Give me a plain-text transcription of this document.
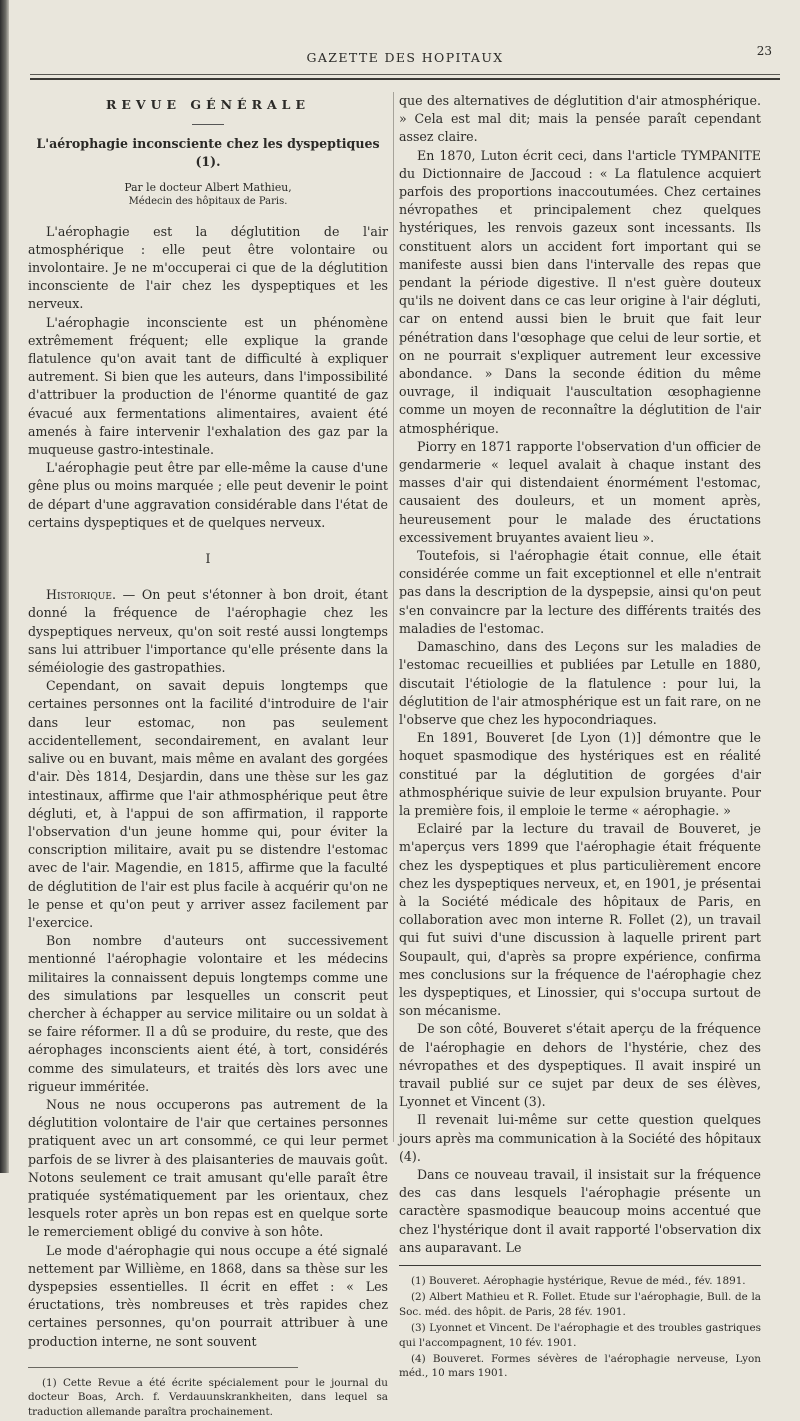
GAZETTE DES HOPITAUX	23
REVUE GÉNÉRALE
L'aérophagie inconsciente chez les dyspeptiques (1).
Par le docteur Albert Mathieu,
Médecin des hôpitaux de Paris.

L'aérophagie est la déglutition de l'air atmosphérique : elle peut être volontaire ou involontaire. Je ne m'occuperai ci que de la déglutition inconsciente de l'air chez les dyspeptiques et les nerveux.

L'aérophagie inconsciente est un phénomène extrêmement fréquent; elle explique la grande flatulence qu'on avait tant de difficulté à expliquer autrement. Si bien que les auteurs, dans l'impossibilité d'attribuer la production de l'énorme quantité de gaz évacué aux fermentations alimentaires, avaient été amenés à faire intervenir l'exhalation des gaz par la muqueuse gastro-intestinale.

L'aérophagie peut être par elle-même la cause d'une gêne plus ou moins marquée ; elle peut devenir le point de départ d'une aggravation considérable dans l'état de certains dyspeptiques et de quelques nerveux.

I

Historique. — On peut s'étonner à bon droit, étant donné la fréquence de l'aérophagie chez les dyspeptiques nerveux, qu'on soit resté aussi longtemps sans lui attribuer l'importance qu'elle présente dans la séméiologie des gastropathies.

Cependant, on savait depuis longtemps que certaines personnes ont la facilité d'introduire de l'air dans leur estomac, non pas seulement accidentellement, secondairement, en avalant leur salive ou en buvant, mais même en avalant des gorgées d'air. Dès 1814, Desjardin, dans une thèse sur les gaz intestinaux, affirme que l'air athmosphérique peut être dégluti, et, à l'appui de son affirmation, il rapporte l'observation d'un jeune homme qui, pour éviter la conscription militaire, avait pu se distendre l'estomac avec de l'air. Magendie, en 1815, affirme que la faculté de déglutition de l'air est plus facile à acquérir qu'on ne le pense et qu'on peut y arriver assez facilement par l'exercice.

Bon nombre d'auteurs ont successivement mentionné l'aérophagie volontaire et les médecins militaires la connaissent depuis longtemps comme une des simulations par lesquelles un conscrit peut chercher à échapper au service militaire ou un soldat à se faire réformer. Il a dû se produire, du reste, que des aérophages inconscients aient été, à tort, considérés comme des simulateurs, et traités dès lors avec une rigueur imméritée.

Nous ne nous occuperons pas autrement de la déglutition volontaire de l'air que certaines personnes pratiquent avec un art consommé, ce qui leur permet parfois de se livrer à des plaisanteries de mauvais goût. Notons seulement ce trait amusant qu'elle paraît être pratiquée systématiquement par les orientaux, chez lesquels roter après un bon repas est en quelque sorte le remerciement obligé du convive à son hôte.

Le mode d'aérophagie qui nous occupe a été signalé nettement par Willième, en 1868, dans sa thèse sur les dyspepsies essentielles. Il écrit en effet : « Les éructations, très nombreuses et très rapides chez certaines personnes, qu'on pourrait attribuer à une production interne, ne sont souvent

(1) Cette Revue a été écrite spécialement pour le journal du docteur Boas, Arch. f. Verdauunskrankheiten, dans lequel sa traduction allemande paraîtra prochainement.

que des alternatives de déglutition d'air atmosphérique. » Cela est mal dit; mais la pensée paraît cependant assez claire.

En 1870, Luton écrit ceci, dans l'article TYMPANITE du Dictionnaire de Jaccoud : « La flatulence acquiert parfois des proportions inaccoutumées. Chez certaines névropathes et principalement chez quelques hystériques, les renvois gazeux sont incessants. Ils constituent alors un accident fort important qui se manifeste aussi bien dans l'intervalle des repas que pendant la période digestive. Il n'est guère douteux qu'ils ne doivent dans ce cas leur origine à l'air dégluti, car on entend aussi bien le bruit que fait leur pénétration dans l'œsophage que celui de leur sortie, et on ne pourrait s'expliquer autrement leur excessive abondance. » Dans la seconde édition du même ouvrage, il indiquait l'auscultation œsophagienne comme un moyen de reconnaître la déglutition de l'air atmosphérique.

Piorry en 1871 rapporte l'observation d'un officier de gendarmerie « lequel avalait à chaque instant des masses d'air qui distendaient énormément l'estomac, causaient des douleurs, et un moment après, heureusement pour le malade des éructations excessivement bruyantes avaient lieu ».

Toutefois, si l'aérophagie était connue, elle était considérée comme un fait exceptionnel et elle n'entrait pas dans la description de la dyspepsie, ainsi qu'on peut s'en convaincre par la lecture des différents traités des maladies de l'estomac.

Damaschino, dans des Leçons sur les maladies de l'estomac recueillies et publiées par Letulle en 1880, discutait l'étiologie de la flatulence : pour lui, la déglutition de l'air atmosphérique est un fait rare, on ne l'observe que chez les hypocondriaques.

En 1891, Bouveret [de Lyon (1)] démontre que le hoquet spasmodique des hystériques est en réalité constitué par la déglutition de gorgées d'air athmosphérique suivie de leur expulsion bruyante. Pour la première fois, il emploie le terme « aérophagie. »

Eclairé par la lecture du travail de Bouveret, je m'aperçus vers 1899 que l'aérophagie était fréquente chez les dyspeptiques et plus particulièrement encore chez les dyspeptiques nerveux, et, en 1901, je présentai à la Société médicale des hôpitaux de Paris, en collaboration avec mon interne R. Follet (2), un travail qui fut suivi d'une discussion à laquelle prirent part Soupault, qui, d'après sa propre expérience, confirma mes conclusions sur la fréquence de l'aérophagie chez les dyspeptiques, et Linossier, qui s'occupa surtout de son mécanisme.

De son côté, Bouveret s'était aperçu de la fréquence de l'aérophagie en dehors de l'hystérie, chez des névropathes et des dyspeptiques. Il avait inspiré un travail publié sur ce sujet par deux de ses élèves, Lyonnet et Vincent (3).

Il revenait lui-même sur cette question quelques jours après ma communication à la Société des hôpitaux (4).

Dans ce nouveau travail, il insistait sur la fréquence des cas dans lesquels l'aérophagie présente un caractère spasmodique beaucoup moins accentué que chez l'hystérique dont il avait rapporté l'observation dix ans auparavant. Le

(1) Bouveret. Aérophagie hystérique, Revue de méd., fév. 1891.

(2) Albert Mathieu et R. Follet. Etude sur l'aérophagie, Bull. de la Soc. méd. des hôpit. de Paris, 28 fév. 1901.

(3) Lyonnet et Vincent. De l'aérophagie et des troubles gastriques qui l'accompagnent, 10 fév. 1901.

(4) Bouveret. Formes sévères de l'aérophagie nerveuse, Lyon méd., 10 mars 1901.
